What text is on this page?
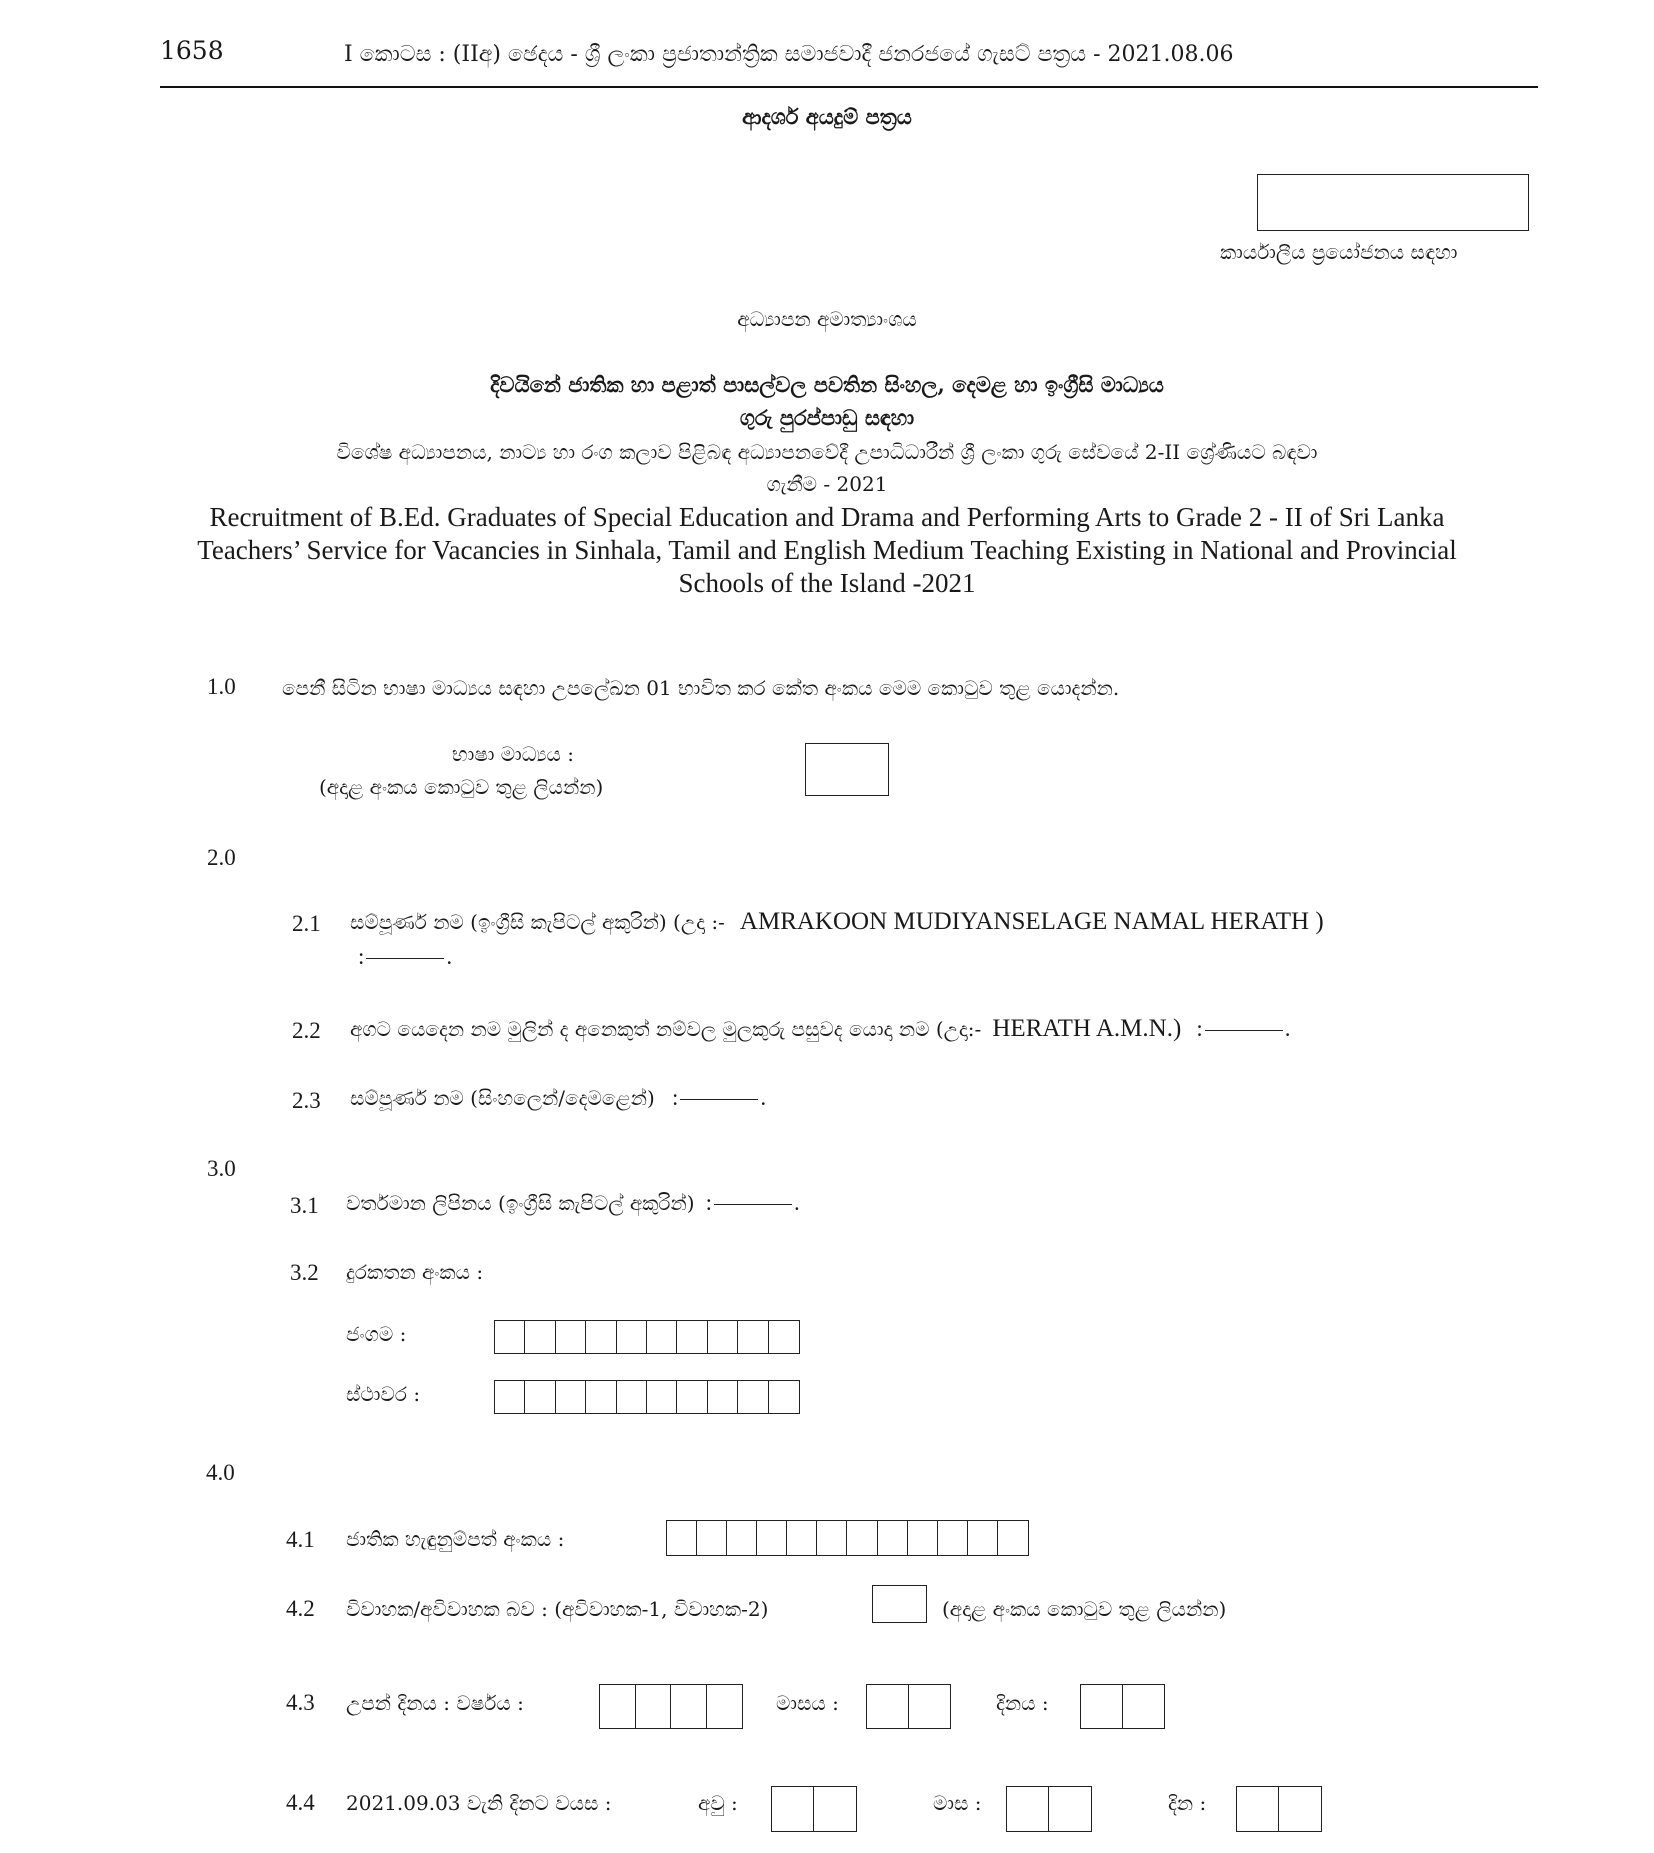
1658	I කොටස : (IIඅ) ඡෙදය - ශ්‍රී ලංකා ප්‍රජාතාන්ත්‍රික සමාජවාදී ජනරජයේ ගැසට් පත්‍රය - 2021.08.06
ආදර්ශ අයදුම් පත්‍රය
කාර්යාලීය ප්‍රයෝජනය සඳහා
අධ්‍යාපන අමාත්‍යාංශය
දිවයිනේ ජාතික හා පළාත් පාසල්වල පවතින සිංහල, දෙමළ හා ඉංග්‍රීසි මාධ්‍යය
ගුරු පුරප්පාඩු සඳහා
විශේෂ අධ්‍යාපනය, නාට්‍ය හා රංග කලාව පිළිබඳ අධ්‍යාපනවේදී උපාධිධාරීන් ශ්‍රී ලංකා ගුරු සේවයේ 2-II ශ්‍රේණියට බඳවා
ගැනීම - 2021
Recruitment of B.Ed. Graduates of Special Education and Drama and Performing Arts to Grade 2 - II of Sri Lanka
Teachers’ Service for Vacancies in Sinhala, Tamil and English Medium Teaching Existing in National and Provincial
Schools of the Island -2021
1.0 පෙනී සිටින භාෂා මාධ්‍යය සඳහා උපලේඛන 01 භාවිත කර කේත අංකය මෙම කොටුව තුළ යොදන්න.
භාෂා මාධ්‍යය :
(අදාළ අංකය කොටුව තුළ ලියන්න)
2.0
2.1 සම්පූර්ණ නම (ඉංග්‍රීසි කැපිටල් අකුරින්) (උදා :- AMRAKOON MUDIYANSELAGE NAMAL HERATH )
:	.
2.2 අගට යෙදෙන නම මුලින් ද අනෙකුත් නම්වල මුලකුරු පසුවද යොදා නම (උදා:- HERATH A.M.N.) :	.
2.3 සම්පූර්ණ නම (සිංහලෙන්/දෙමළෙන්) :	.
3.0
3.1 වර්තමාන ලිපිනය (ඉංග්‍රීසි කැපිටල් අකුරින්) :	.
3.2 දුරකතන අංකය :
ජංගම :
ස්ථාවර :
4.0
4.1 ජාතික හැඳුනුම්පත් අංකය :
4.2 විවාහක/අවිවාහක බව : (අවිවාහක-1, විවාහක-2)	(අදාළ අංකය කොටුව තුළ ලියන්න)
4.3 උපන් දිනය : වර්ෂය :	මාසය :	දිනය :
4.4 2021.09.03 වැනි දිනට වයස :	අවු :	මාස :	දින :
